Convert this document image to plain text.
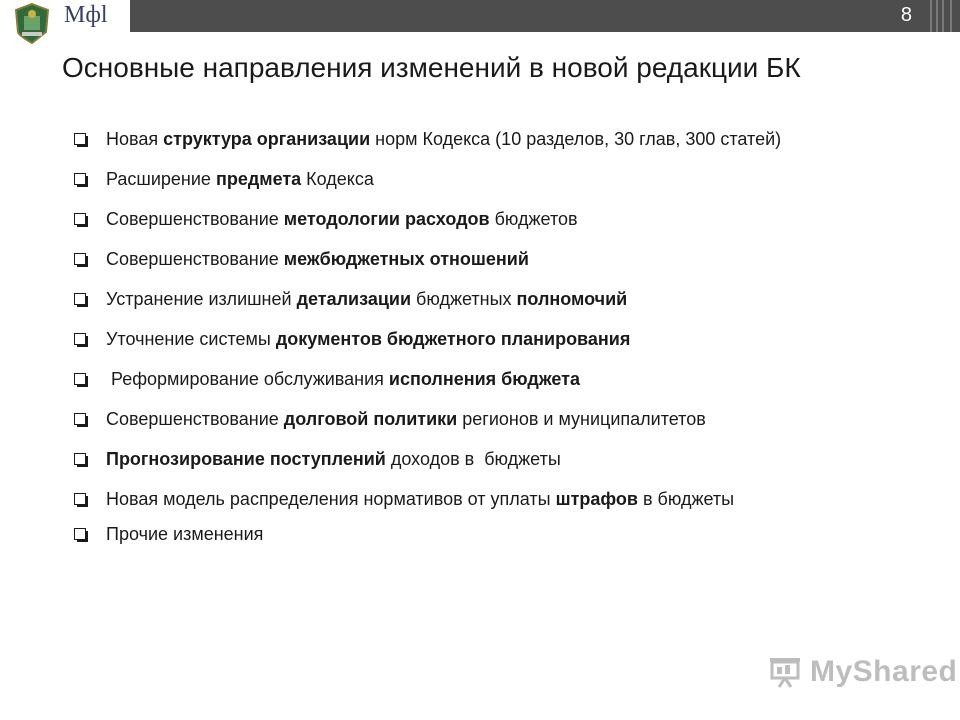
Мфl	8
Основные направления изменений в новой редакции БК
Новая структура организации норм Кодекса (10 разделов, 30 глав, 300 статей)
Расширение предмета Кодекса
Совершенствование методологии расходов бюджетов
Совершенствование межбюджетных отношений
Устранение излишней детализации бюджетных полномочий
Уточнение системы документов бюджетного планирования
Реформирование обслуживания исполнения бюджета
Совершенствование долговой политики регионов и муниципалитетов
Прогнозирование поступлений доходов в  бюджеты
Новая модель распределения нормативов от уплаты штрафов в бюджеты
Прочие изменения
MyShared
